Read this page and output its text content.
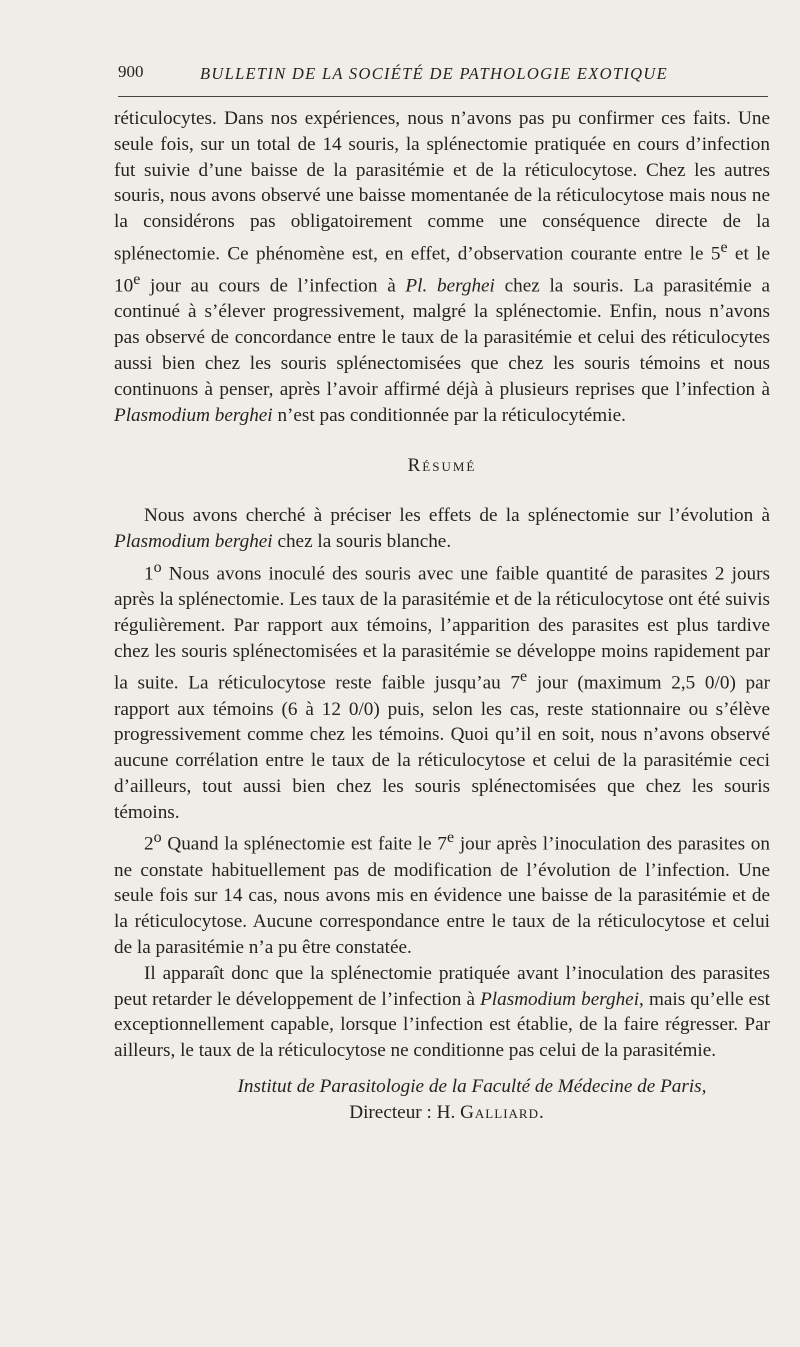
900	BULLETIN DE LA SOCIÉTÉ DE PATHOLOGIE EXOTIQUE

réticulocytes. Dans nos expériences, nous n’avons pas pu confirmer ces faits. Une seule fois, sur un total de 14 souris, la splénectomie pratiquée en cours d’infection fut suivie d’une baisse de la parasitémie et de la réticulocytose. Chez les autres souris, nous avons observé une baisse momentanée de la réticulocytose mais nous ne la considérons pas obligatoirement comme une conséquence directe de la splénectomie. Ce phénomène est, en effet, d’observation courante entre le 5e et le 10e jour au cours de l’infection à Pl. berghei chez la souris. La parasitémie a continué à s’élever progressivement, malgré la splénectomie. Enfin, nous n’avons pas observé de concordance entre le taux de la parasitémie et celui des réticulocytes aussi bien chez les souris splénectomisées que chez les souris témoins et nous continuons à penser, après l’avoir affirmé déjà à plusieurs reprises que l’infection à Plasmodium berghei n’est pas conditionnée par la réticulocytémie.

Résumé

Nous avons cherché à préciser les effets de la splénectomie sur l’évolution à Plasmodium berghei chez la souris blanche.

1$^o$ Nous avons inoculé des souris avec une faible quantité de parasites 2 jours après la splénectomie. Les taux de la parasitémie et de la réticulocytose ont été suivis régulièrement. Par rapport aux témoins, l’apparition des parasites est plus tardive chez les souris splénectomisées et la parasitémie se développe moins rapidement par la suite. La réticulocytose reste faible jusqu’au 7e jour (maximum 2,5 0/0) par rapport aux témoins (6 à 12 0/0) puis, selon les cas, reste stationnaire ou s’élève progressivement comme chez les témoins. Quoi qu’il en soit, nous n’avons observé aucune corrélation entre le taux de la réticulocytose et celui de la parasitémie ceci d’ailleurs, tout aussi bien chez les souris splénectomisées que chez les souris témoins.

2$^o$ Quand la splénectomie est faite le 7e jour après l’inoculation des parasites on ne constate habituellement pas de modification de l’évolution de l’infection. Une seule fois sur 14 cas, nous avons mis en évidence une baisse de la parasitémie et de la réticulocytose. Aucune correspondance entre le taux de la réticulocytose et celui de la parasitémie n’a pu être constatée.

Il apparaît donc que la splénectomie pratiquée avant l’inoculation des parasites peut retarder le développement de l’infection à Plasmodium berghei, mais qu’elle est exceptionnellement capable, lorsque l’infection est établie, de la faire régresser. Par ailleurs, le taux de la réticulocytose ne conditionne pas celui de la parasitémie.

Institut de Parasitologie de la Faculté de Médecine de Paris,
Directeur : H. Galliard.
